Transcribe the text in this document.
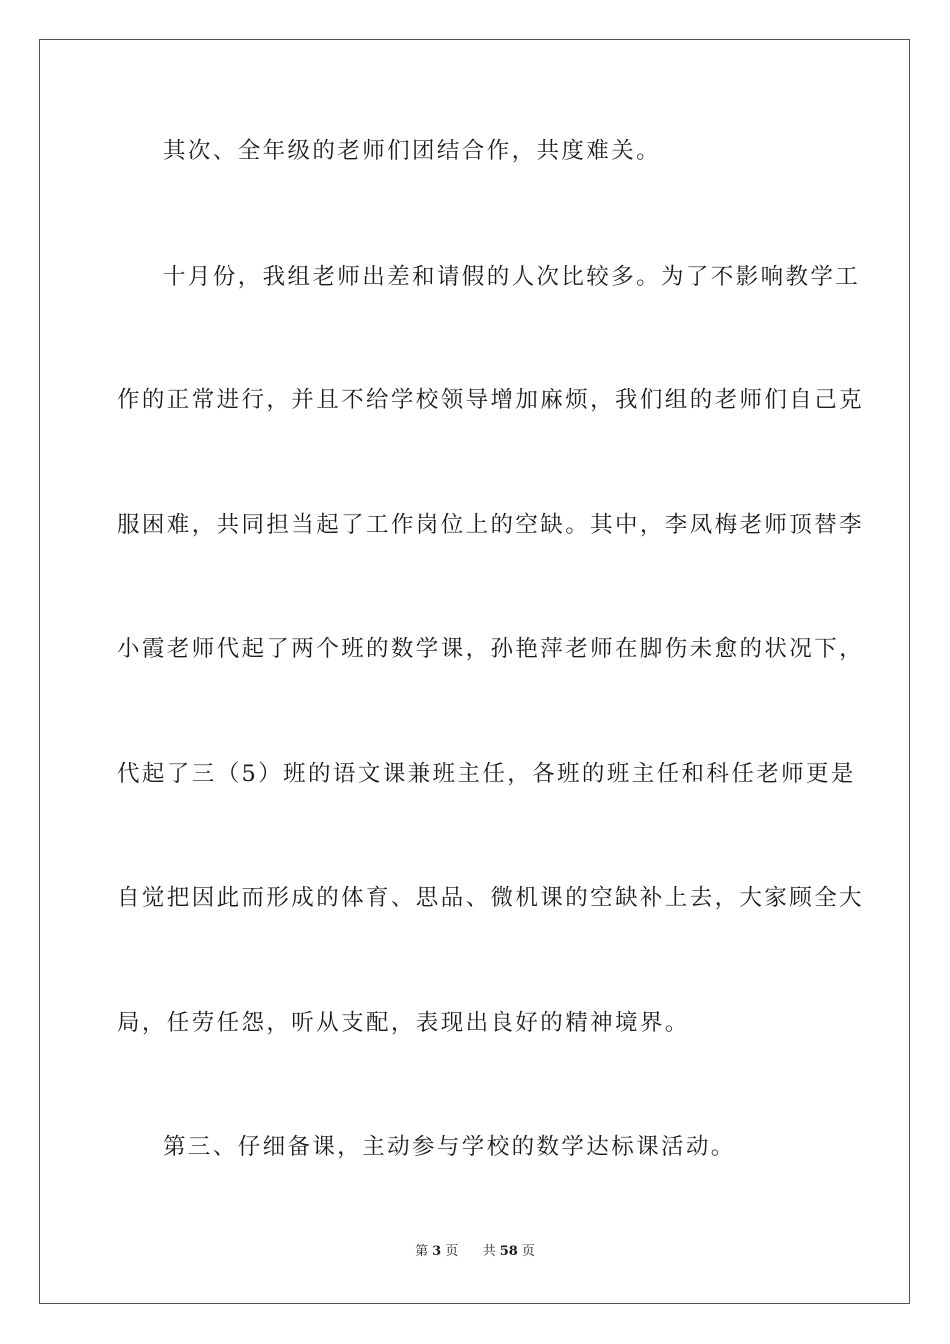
其次、全年级的老师们团结合作，共度难关。
十月份，我组老师出差和请假的人次比较多。为了不影响教学工
作的正常进行，并且不给学校领导增加麻烦，我们组的老师们自己克
服困难，共同担当起了工作岗位上的空缺。其中，李凤梅老师顶替李
小霞老师代起了两个班的数学课，孙艳萍老师在脚伤未愈的状况下，
代起了三（5）班的语文课兼班主任，各班的班主任和科任老师更是
自觉把因此而形成的体育、思品、微机课的空缺补上去，大家顾全大
局，任劳任怨，听从支配，表现出良好的精神境界。
第三、仔细备课，主动参与学校的数学达标课活动。
第 3 页 共 58 页
